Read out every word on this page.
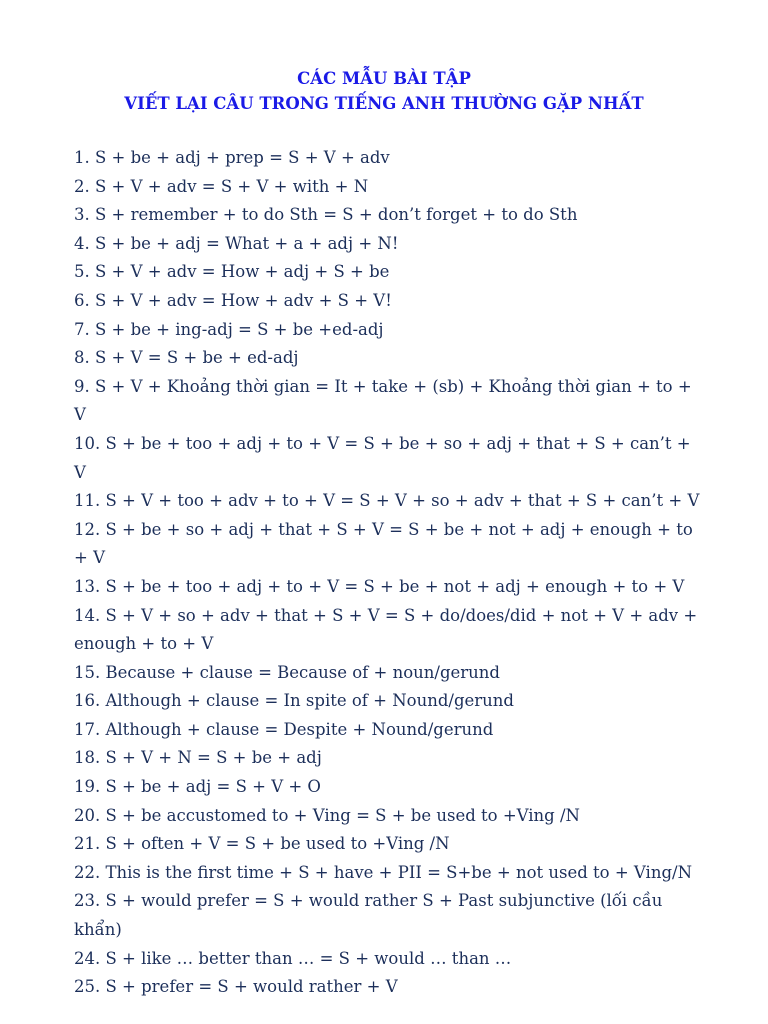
CÁC MẪU BÀI TẬP
VIẾT LẠI CÂU TRONG TIẾNG ANH THƯỜNG GẶP NHẤT
1. S + be + adj + prep = S + V + adv
2. S + V + adv = S + V + with + N
3. S + remember + to do Sth = S + don’t forget + to do Sth
4. S + be + adj = What + a + adj + N!
5. S + V + adv = How + adj + S + be
6. S + V + adv = How + adv + S + V!
7. S + be + ing-adj = S + be +ed-adj
8. S + V = S + be + ed-adj
9. S + V + Khoảng thời gian = It + take + (sb) + Khoảng thời gian + to + V
10. S + be + too + adj + to + V = S + be + so + adj + that + S + can’t + V
11. S + V + too + adv + to + V = S + V + so + adv + that + S + can’t + V
12. S + be + so + adj + that + S + V = S + be + not + adj + enough + to + V
13. S + be + too + adj + to + V = S + be + not + adj + enough + to + V
14. S + V + so + adv + that + S + V = S + do/does/did + not + V + adv + enough + to + V
15. Because + clause = Because of + noun/gerund
16. Although + clause = In spite of + Nound/gerund
17. Although + clause = Despite + Nound/gerund
18. S + V + N = S + be + adj
19. S + be + adj = S + V + O
20. S + be accustomed to + Ving = S + be used to +Ving /N
21. S + often + V = S + be used to +Ving /N
22. This is the first time + S + have + PII = S+be + not used to + Ving/N
23. S + would prefer = S + would rather S + Past subjunctive (lối cầu khẩn)
24. S + like … better than … = S + would … than …
25. S + prefer = S + would rather + V
